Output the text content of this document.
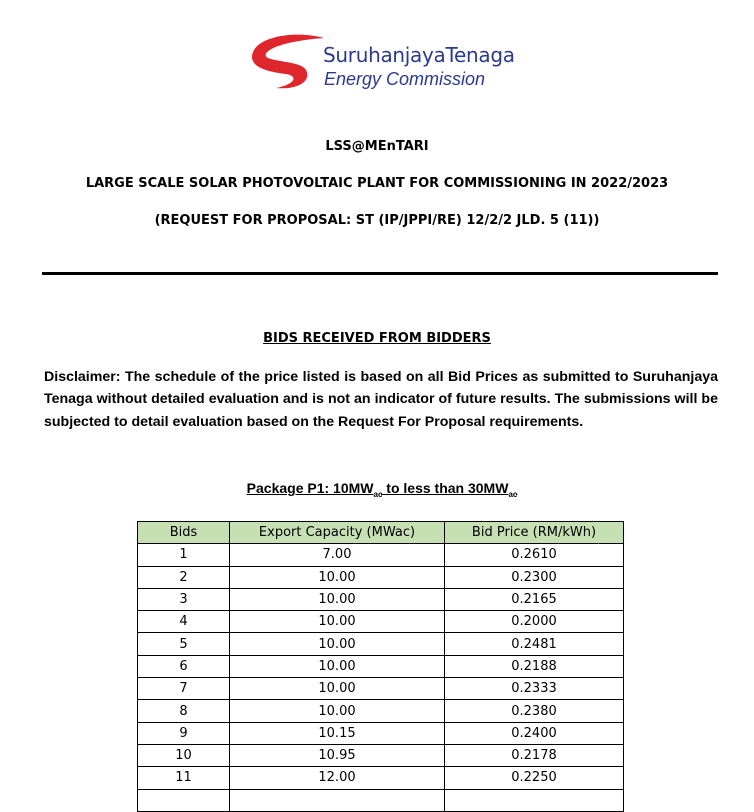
SuruhanjayaTenaga
Energy Commission
LSS@MEnTARI
LARGE SCALE SOLAR PHOTOVOLTAIC PLANT FOR COMMISSIONING IN 2022/2023
(REQUEST FOR PROPOSAL: ST (IP/JPPI/RE) 12/2/2 JLD. 5 (11))
BIDS RECEIVED FROM BIDDERS
Disclaimer: The schedule of the price listed is based on all Bid Prices as submitted to Suruhanjaya Tenaga without detailed evaluation and is not an indicator of future results. The submissions will be subjected to detail evaluation based on the Request For Proposal requirements.
Package P1: $10MW_{ac}$ to less than $30MW_{ac}$
Bids	Export Capacity (MWac)	Bid Price (RM/kWh)
1	7.00	0.2610
2	10.00	0.2300
3	10.00	0.2165
4	10.00	0.2000
5	10.00	0.2481
6	10.00	0.2188
7	10.00	0.2333
8	10.00	0.2380
9	10.15	0.2400
10	10.95	0.2178
11	12.00	0.2250
